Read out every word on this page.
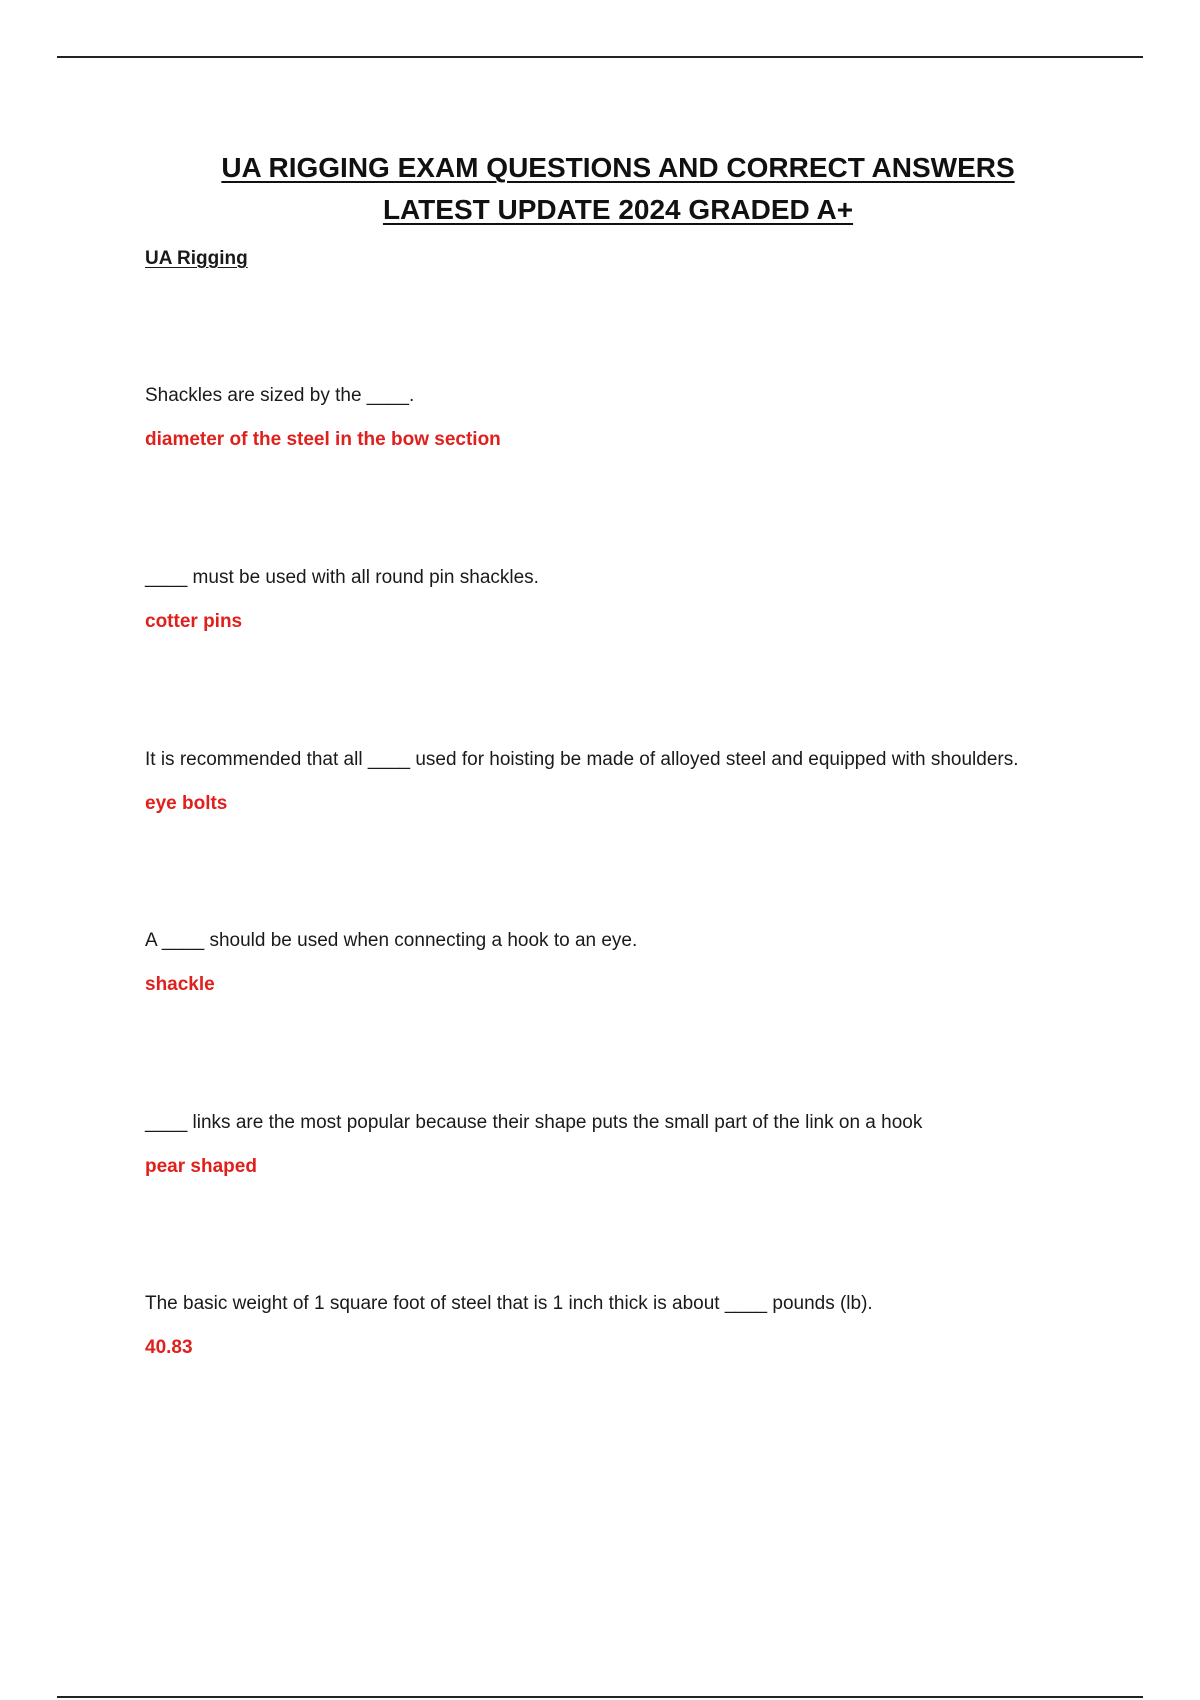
UA RIGGING EXAM QUESTIONS AND CORRECT ANSWERS
LATEST UPDATE 2024 GRADED A+
UA Rigging
Shackles are sized by the ____.
diameter of the steel in the bow section
____ must be used with all round pin shackles.
cotter pins
It is recommended that all ____ used for hoisting be made of alloyed steel and equipped with shoulders.
eye bolts
A ____ should be used when connecting a hook to an eye.
shackle
____ links are the most popular because their shape puts the small part of the link on a hook
pear shaped
The basic weight of 1 square foot of steel that is 1 inch thick is about ____ pounds (lb).
40.83
